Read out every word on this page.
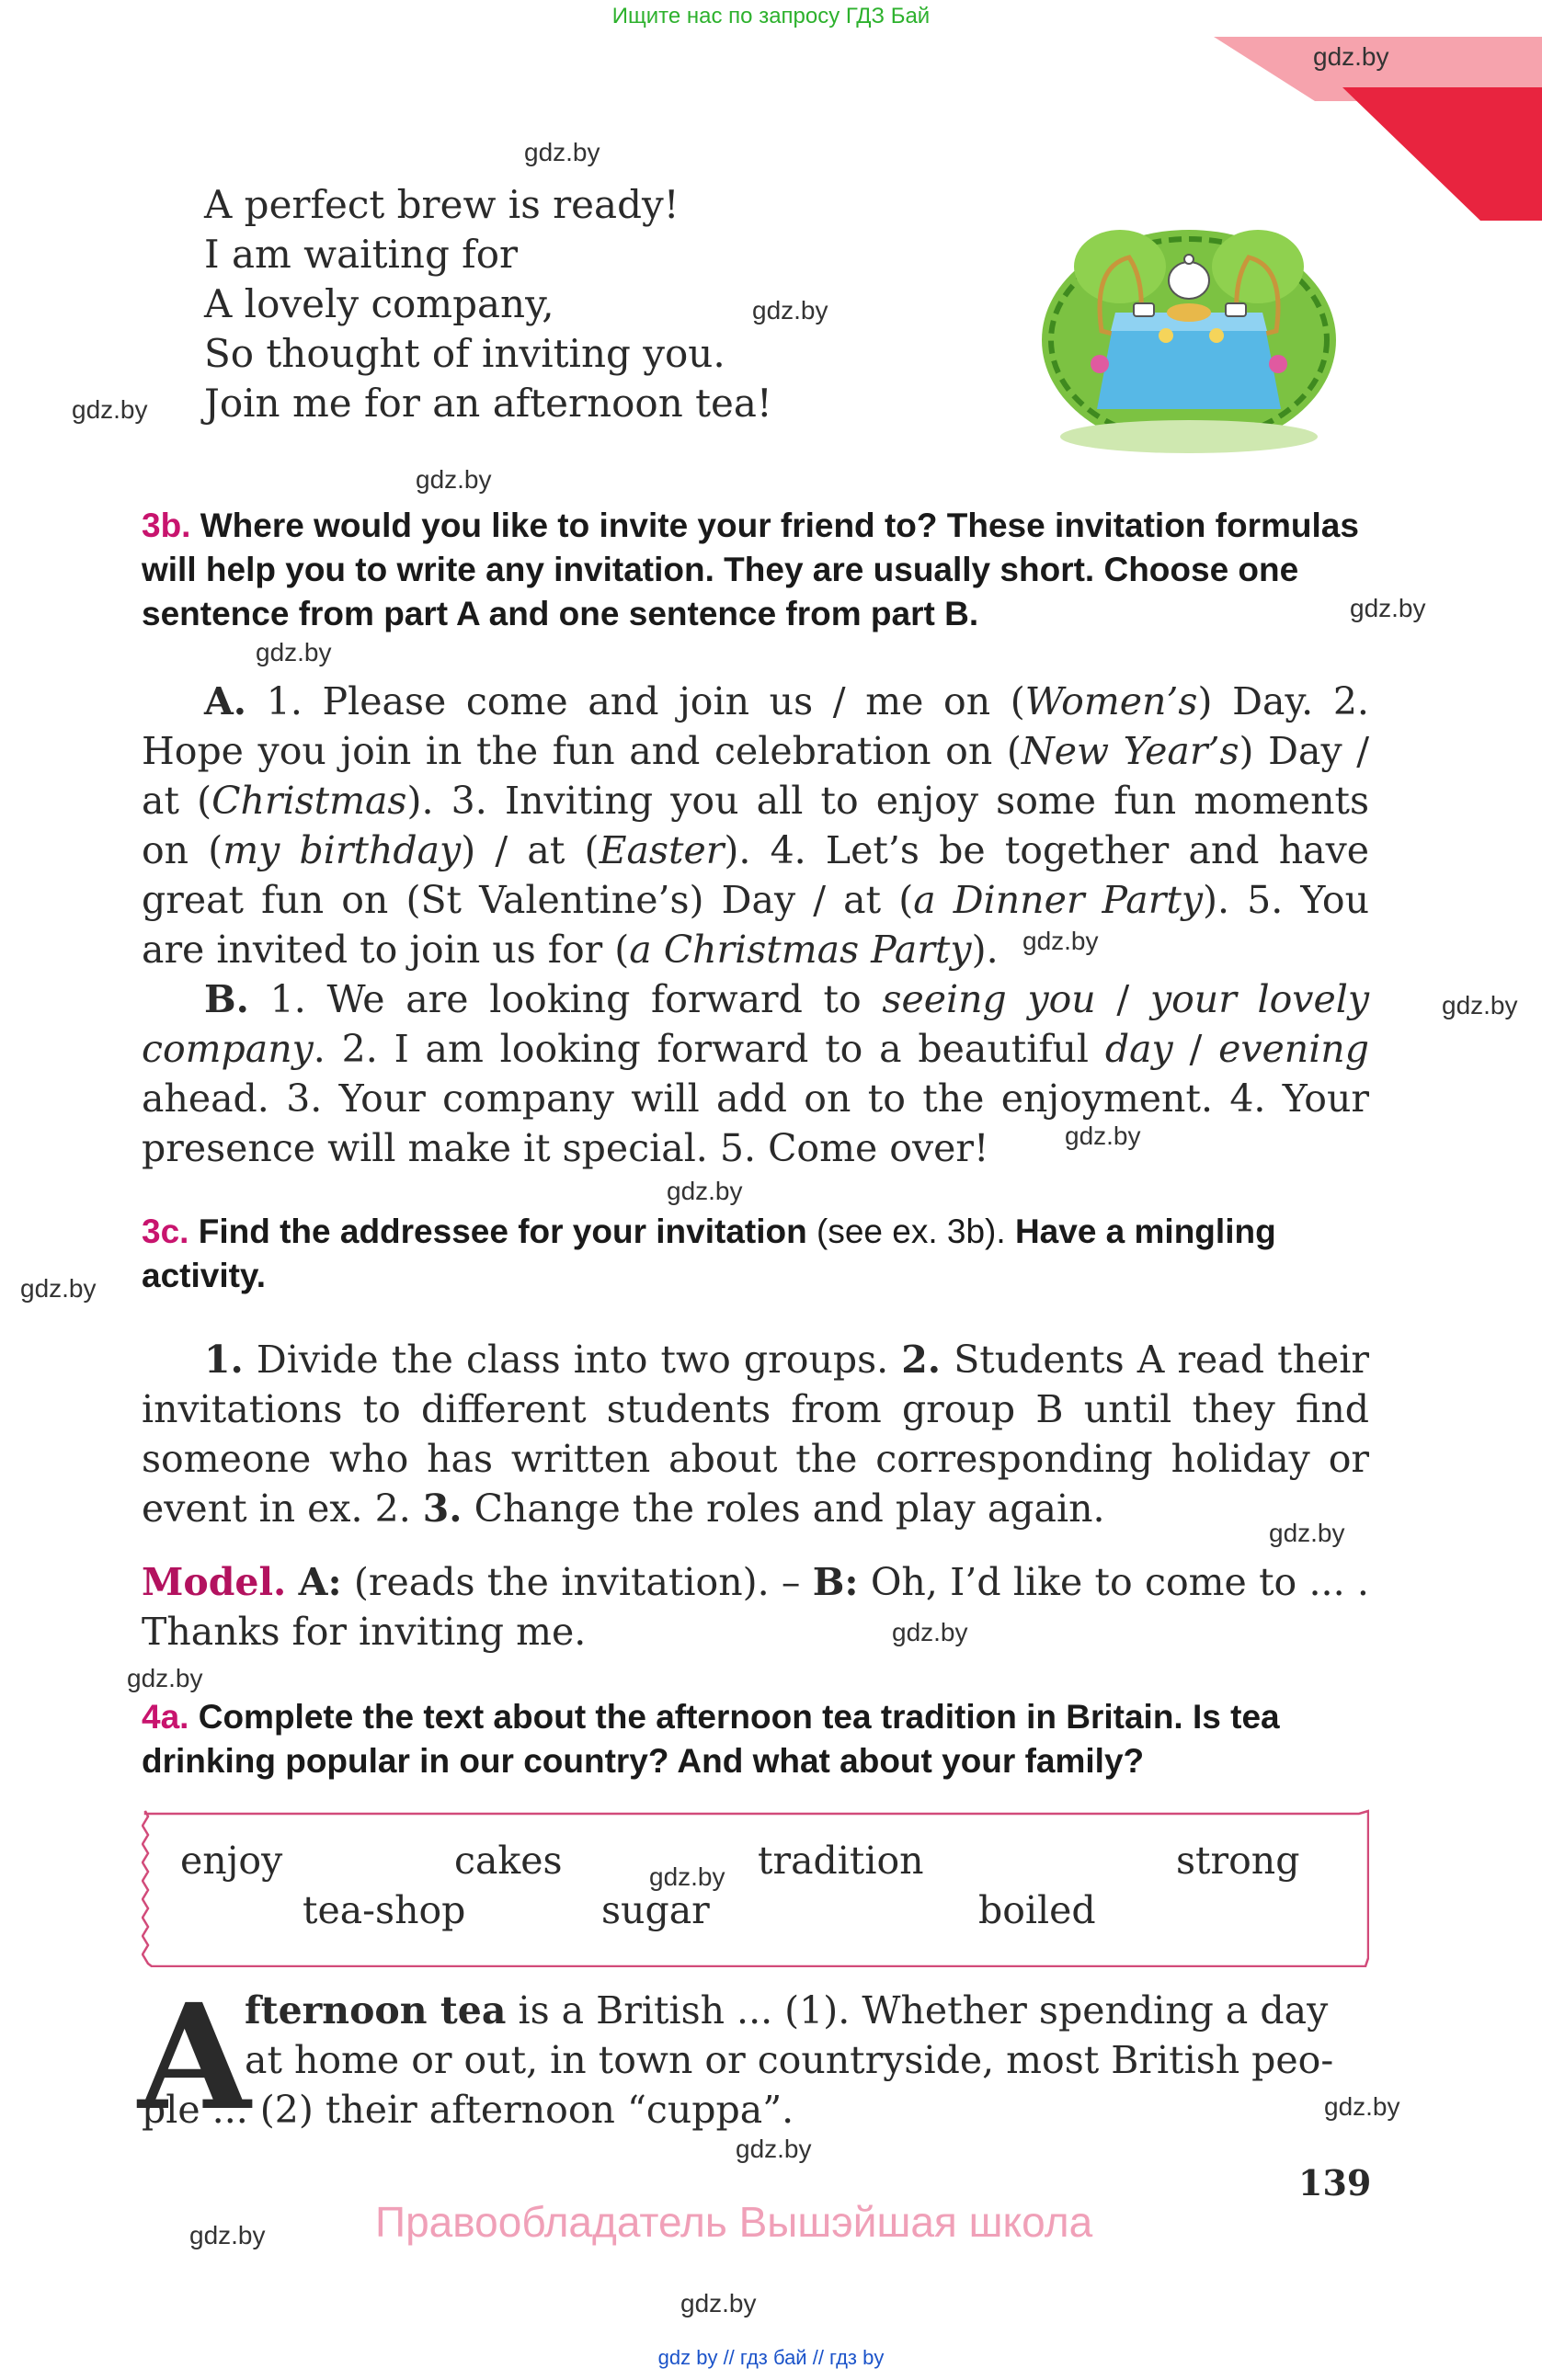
Ищите нас по запросу ГДЗ Бай
gdz.by
gdz.by
gdz.by
gdz.by
gdz.by
gdz.by
gdz.by
gdz.by
gdz.by
gdz.by
gdz.by
gdz.by
gdz.by
gdz.by
gdz.by
gdz.by
gdz.by
gdz.by
gdz.by
gdz.by
A perfect brew is ready!
I am waiting for
A lovely company,
So thought of inviting you.
Join me for an afternoon tea!
3b. Where would you like to invite your friend to? These invitation formulas will help you to write any invitation. They are usually short. Choose one sentence from part A and one sentence from part B.

A. 1. Please come and join us / me on (Women’s) Day. 2. Hope you join in the fun and celebration on (New Year’s) Day / at (Christmas). 3. Inviting you all to enjoy some fun moments on (my birthday) / at (Easter). 4. Let’s be together and have great fun on (St Valentine’s) Day / at (a Dinner Party). 5. You are invited to join us for (a Christmas Party).

B. 1. We are looking forward to seeing you / your lovely company. 2. I am looking forward to a beautiful day / evening ahead. 3. Your company will add on to the enjoyment. 4. Your presence will make it special. 5. Come over!

3c. Find the addressee for your invitation (see ex. 3b). Have a mingling activity.

1. Divide the class into two groups. 2. Students A read their invitations to different students from group B until they find someone who has written about the corresponding holiday or event in ex. 2. 3. Change the roles and play again.

Model. A: (reads the invitation). – B: Oh, I’d like to come to ... . Thanks for inviting me.
4a. Complete the text about the afternoon tea tradition in Britain. Is tea drinking popular in our country? And what about your family?
enjoy	cakes	tradition	strong
tea-shop	sugar	boiled
A
fternoon tea is a British ... (1). Whether spending a day
at home or out, in town or countryside, most British peo-
ple ... (2) their afternoon “cuppa”.
139
Правообладатель Вышэйшая школа
gdz by // гдз бай // гдз by
